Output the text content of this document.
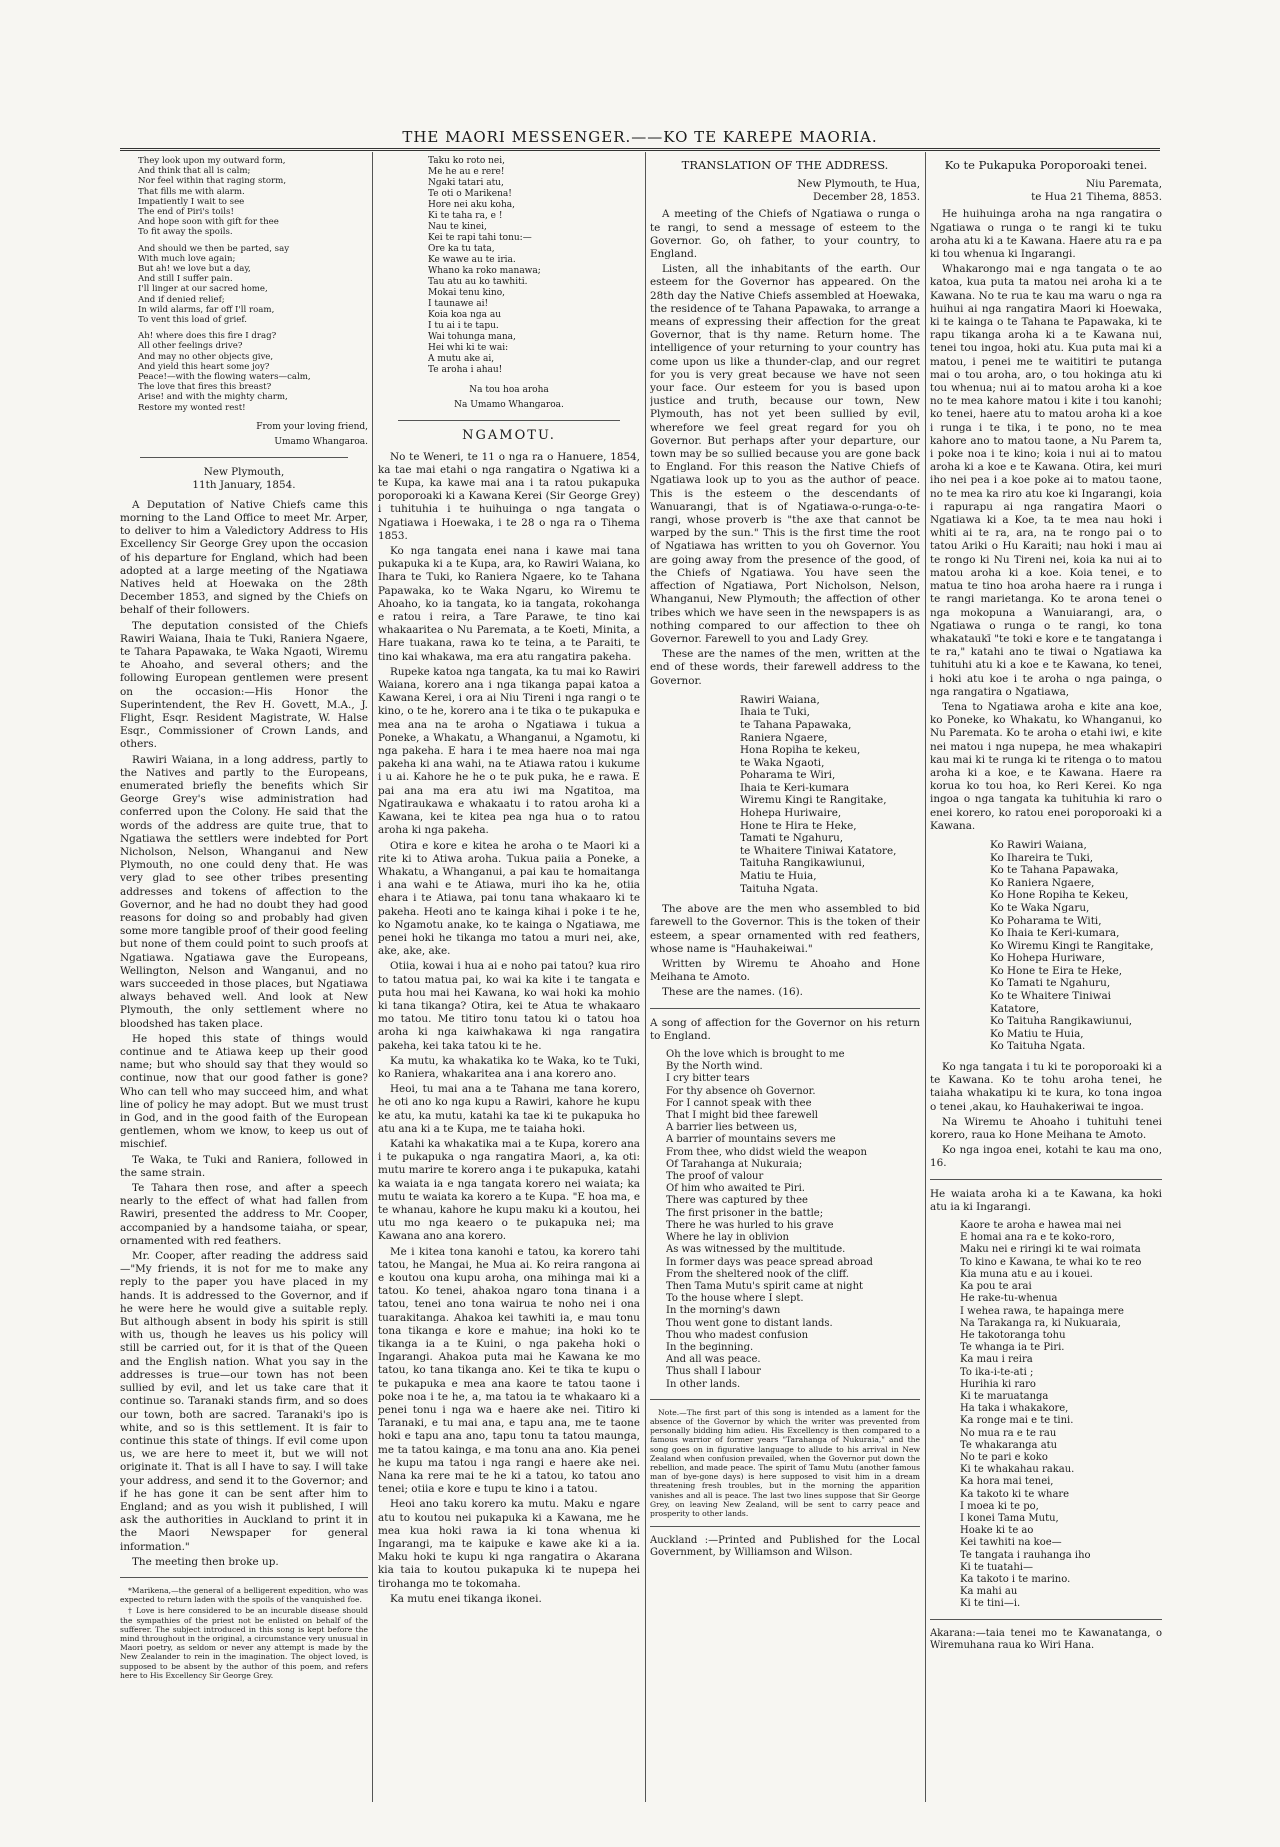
THE MAORI MESSENGER.——KO TE KAREPE MAORIA.
They look upon my outward form,
And think that all is calm;
Nor feel within that raging storm,
That fills me with alarm.
Impatiently I wait to see
The end of Piri's toils!
And hope soon with gift for thee
To fit away the spoils.
And should we then be parted, say
With much love again;
But ah! we love but a day,
And still I suffer pain.
I'll linger at our sacred home,
And if denied relief;
In wild alarms, far off I'll roam,
To vent this load of grief.
Ah! where does this fire I drag?
All other feelings drive?
And may no other objects give,
And yield this heart some joy?
Peace!—with the flowing waters—calm,
The love that fires this breast?
Arise! and with the mighty charm,
Restore my wonted rest!
From your loving friend,
Umamo Whangaroa.
New Plymouth,
11th January, 1854.

A Deputation of Native Chiefs came this morning to the Land Office to meet Mr. Arper, to deliver to him a Valedictory Address to His Excellency Sir George Grey upon the occasion of his departure for England, which had been adopted at a large meeting of the Ngatiawa Natives held at Hoewaka on the 28th December 1853, and signed by the Chiefs on behalf of their followers.

The deputation consisted of the Chiefs Rawiri Waiana, Ihaia te Tuki, Raniera Ngaere, te Tahara Papawaka, te Waka Ngaoti, Wiremu te Ahoaho, and several others; and the following European gentlemen were present on the occasion:—His Honor the Superintendent, the Rev H. Govett, M.A., J. Flight, Esqr. Resident Magistrate, W. Halse Esqr., Commissioner of Crown Lands, and others.

Rawiri Waiana, in a long address, partly to the Natives and partly to the Europeans, enumerated briefly the benefits which Sir George Grey's wise administration had conferred upon the Colony. He said that the words of the address are quite true, that to Ngatiawa the settlers were indebted for Port Nicholson, Nelson, Whanganui and New Plymouth, no one could deny that. He was very glad to see other tribes presenting addresses and tokens of affection to the Governor, and he had no doubt they had good reasons for doing so and probably had given some more tangible proof of their good feeling but none of them could point to such proofs at Ngatiawa. Ngatiawa gave the Europeans, Wellington, Nelson and Wanganui, and no wars succeeded in those places, but Ngatiawa always behaved well. And look at New Plymouth, the only settlement where no bloodshed has taken place.

He hoped this state of things would continue and te Atiawa keep up their good name; but who should say that they would so continue, now that our good father is gone? Who can tell who may succeed him, and what line of policy he may adopt. But we must trust in God, and in the good faith of the European gentlemen, whom we know, to keep us out of mischief.

Te Waka, te Tuki and Raniera, followed in the same strain.

Te Tahara then rose, and after a speech nearly to the effect of what had fallen from Rawiri, presented the address to Mr. Cooper, accompanied by a handsome taiaha, or spear, ornamented with red feathers.

Mr. Cooper, after reading the address said—"My friends, it is not for me to make any reply to the paper you have placed in my hands. It is addressed to the Governor, and if he were here he would give a suitable reply. But although absent in body his spirit is still with us, though he leaves us his policy will still be carried out, for it is that of the Queen and the English nation. What you say in the addresses is true—our town has not been sullied by evil, and let us take care that it continue so. Taranaki stands firm, and so does our town, both are sacred. Taranaki's ipo is white, and so is this settlement. It is fair to continue this state of things. If evil come upon us, we are here to meet it, but we will not originate it. That is all I have to say. I will take your address, and send it to the Governor; and if he has gone it can be sent after him to England; and as you wish it published, I will ask the authorities in Auckland to print it in the Maori Newspaper for general information."

The meeting then broke up.

*Marikena,—the general of a belligerent expedition, who was expected to return laden with the spoils of the vanquished foe.

† Love is here considered to be an incurable disease should the sympathies of the priest not be enlisted on behalf of the sufferer. The subject introduced in this song is kept before the mind throughout in the original, a circumstance very unusual in Maori poetry, as seldom or never any attempt is made by the New Zealander to rein in the imagination. The object loved, is supposed to be absent by the author of this poem, and refers here to His Excellency Sir George Grey.

Taku ko roto nei,
Me he au e rere!
Ngaki tatari atu,
Te oti o Marikena!
Hore nei aku koha,
Ki te taha ra, e !
Nau te kinei,
Kei te rapi tahi tonu:—
Ore ka tu tata,
Ke wawe au te iria.
Whano ka roko manawa;
Tau atu au ko tawhiti.
Mokai tenu kino,
I taunawe ai!
Koia koa nga au
I tu ai i te tapu.
Wai tohunga mana,
Hei whi ki te wai:
A mutu ake ai,
Te aroha i ahau!
Na tou hoa aroha
Na Umamo Whangaroa.
NGAMOTU.

No te Weneri, te 11 o nga ra o Hanuere, 1854, ka tae mai etahi o nga rangatira o Ngatiwa ki a te Kupa, ka kawe mai ana i ta ratou pukapuka poroporoaki ki a Kawana Kerei (Sir George Grey) i tuhituhia i te huihuinga o nga tangata o Ngatiawa i Hoewaka, i te 28 o nga ra o Tihema 1853.

Ko nga tangata enei nana i kawe mai tana pukapuka ki a te Kupa, ara, ko Rawiri Waiana, ko Ihara te Tuki, ko Raniera Ngaere, ko te Tahana Papawaka, ko te Waka Ngaru, ko Wiremu te Ahoaho, ko ia tangata, ko ia tangata, rokohanga e ratou i reira, a Tare Parawe, te tino kai whakaaritea o Nu Paremata, a te Koeti, Minita, a Hare tuakana, rawa ko te teina, a te Paraiti, te tino kai whakawa, ma era atu rangatira pakeha.

Rupeke katoa nga tangata, ka tu mai ko Rawiri Waiana, korero ana i nga tikanga papai katoa a Kawana Kerei, i ora ai Niu Tireni i nga rangi o te kino, o te he, korero ana i te tika o te pukapuka e mea ana na te aroha o Ngatiawa i tukua a Poneke, a Whakatu, a Whanganui, a Ngamotu, ki nga pakeha. E hara i te mea haere noa mai nga pakeha ki ana wahi, na te Atiawa ratou i kukume i u ai. Kahore he he o te puk puka, he e rawa. E pai ana ma era atu iwi ma Ngatitoa, ma Ngatiraukawa e whakaatu i to ratou aroha ki a Kawana, kei te kitea pea nga hua o to ratou aroha ki nga pakeha.

Otira e kore e kitea he aroha o te Maori ki a rite ki to Atiwa aroha. Tukua paiia a Poneke, a Whakatu, a Whanganui, a pai kau te homaitanga i ana wahi e te Atiawa, muri iho ka he, otiia ehara i te Atiawa, pai tonu tana whakaaro ki te pakeha. Heoti ano te kainga kihai i poke i te he, ko Ngamotu anake, ko te kainga o Ngatiawa, me penei hoki he tikanga mo tatou a muri nei, ake, ake, ake, ake.

Otiia, kowai i hua ai e noho pai tatou? kua riro to tatou matua pai, ko wai ka kite i te tangata e puta hou mai hei Kawana, ko wai hoki ka mohio ki tana tikanga? Otira, kei te Atua te whakaaro mo tatou. Me titiro tonu tatou ki o tatou hoa aroha ki nga kaiwhakawa ki nga rangatira pakeha, kei taka tatou ki te he.

Ka mutu, ka whakatika ko te Waka, ko te Tuki, ko Raniera, whakaritea ana i ana korero ano.

Heoi, tu mai ana a te Tahana me tana korero, he oti ano ko nga kupu a Rawiri, kahore he kupu ke atu, ka mutu, katahi ka tae ki te pukapuka ho atu ana ki a te Kupa, me te taiaha hoki.

Katahi ka whakatika mai a te Kupa, korero ana i te pukapuka o nga rangatira Maori, a, ka oti: mutu marire te korero anga i te pukapuka, katahi ka waiata ia e nga tangata korero nei waiata; ka mutu te waiata ka korero a te Kupa. "E hoa ma, e te whanau, kahore he kupu maku ki a koutou, hei utu mo nga keaero o te pukapuka nei; ma Kawana ano ana korero.

Me i kitea tona kanohi e tatou, ka korero tahi tatou, he Mangai, he Mua ai. Ko reira rangona ai e koutou ona kupu aroha, ona mihinga mai ki a tatou. Ko tenei, ahakoa ngaro tona tinana i a tatou, tenei ano tona wairua te noho nei i ona tuarakitanga. Ahakoa kei tawhiti ia, e mau tonu tona tikanga e kore e mahue; ina hoki ko te tikanga ia a te Kuini, o nga pakeha hoki o Ingarangi. Ahakoa puta mai he Kawana ke mo tatou, ko tana tikanga ano. Kei te tika te kupu o te pukapuka e mea ana kaore te tatou taone i poke noa i te he, a, ma tatou ia te whakaaro ki a penei tonu i nga wa e haere ake nei. Titiro ki Taranaki, e tu mai ana, e tapu ana, me te taone hoki e tapu ana ano, tapu tonu ta tatou maunga, me ta tatou kainga, e ma tonu ana ano. Kia penei he kupu ma tatou i nga rangi e haere ake nei. Nana ka rere mai te he ki a tatou, ko tatou ano tenei; otiia e kore e tupu te kino i a tatou.

Heoi ano taku korero ka mutu. Maku e ngare atu to koutou nei pukapuka ki a Kawana, me he mea kua hoki rawa ia ki tona whenua ki Ingarangi, ma te kaipuke e kawe ake ki a ia. Maku hoki te kupu ki nga rangatira o Akarana kia taia to koutou pukapuka ki te nupepa hei tirohanga mo te tokomaha.

Ka mutu enei tikanga ikonei.

TRANSLATION OF THE ADDRESS.
New Plymouth, te Hua,
December 28, 1853.

A meeting of the Chiefs of Ngatiawa o runga o te rangi, to send a message of esteem to the Governor. Go, oh father, to your country, to England.

Listen, all the inhabitants of the earth. Our esteem for the Governor has appeared. On the 28th day the Native Chiefs assembled at Hoewaka, the residence of te Tahana Papawaka, to arrange a means of expressing their affection for the great Governor, that is thy name. Return home. The intelligence of your returning to your country has come upon us like a thunder-clap, and our regret for you is very great because we have not seen your face. Our esteem for you is based upon justice and truth, because our town, New Plymouth, has not yet been sullied by evil, wherefore we feel great regard for you oh Governor. But perhaps after your departure, our town may be so sullied because you are gone back to England. For this reason the Native Chiefs of Ngatiawa look up to you as the author of peace. This is the esteem o the descendants of Wanuarangi, that is of Ngatiawa-o-runga-o-te-rangi, whose proverb is "the axe that cannot be warped by the sun." This is the first time the root of Ngatiawa has written to you oh Governor. You are going away from the presence of the good, of the Chiefs of Ngatiawa. You have seen the affection of Ngatiawa, Port Nicholson, Nelson, Whanganui, New Plymouth; the affection of other tribes which we have seen in the newspapers is as nothing compared to our affection to thee oh Governor. Farewell to you and Lady Grey.

These are the names of the men, written at the end of these words, their farewell address to the Governor.

Rawiri Waiana,
Ihaia te Tuki,
te Tahana Papawaka,
Raniera Ngaere,
Hona Ropiha te kekeu,
te Waka Ngaoti,
Poharama te Wiri,
Ihaia te Keri-kumara
Wiremu Kingi te Rangitake,
Hohepa Huriwaire,
Hone te Hira te Heke,
Tamati te Ngahuru,
te Whaitere Tiniwai Katatore,
Taituha Rangikawiunui,
Matiu te Huia,
Taituha Ngata.

The above are the men who assembled to bid farewell to the Governor. This is the token of their esteem, a spear ornamented with red feathers, whose name is "Hauhakeiwai."

Written by Wiremu te Ahoaho and Hone Meihana te Amoto.

These are the names. (16).

A song of affection for the Governor on his return to England.

Oh the love which is brought to me
By the North wind.
I cry bitter tears
For thy absence oh Governor.
For I cannot speak with thee
That I might bid thee farewell
A barrier lies between us,
A barrier of mountains severs me
From thee, who didst wield the weapon
Of Tarahanga at Nukuraia;
The proof of valour
Of him who awaited te Piri.
There was captured by thee
The first prisoner in the battle;
There he was hurled to his grave
Where he lay in oblivion
As was witnessed by the multitude.
In former days was peace spread abroad
From the sheltered nook of the cliff.
Then Tama Mutu's spirit came at night
To the house where I slept.
In the morning's dawn
Thou went gone to distant lands.
Thou who madest confusion
In the beginning.
And all was peace.
Thus shall I labour
In other lands.

Note.—The first part of this song is intended as a lament for the absence of the Governor by which the writer was prevented from personally bidding him adieu. His Excellency is then compared to a famous warrior of former years "Tarahanga of Nukuraia," and the song goes on in figurative language to allude to his arrival in New Zealand when confusion prevailed, when the Governor put down the rebellion, and made peace. The spirit of Tamu Mutu (another famous man of bye-gone days) is here supposed to visit him in a dream threatening fresh troubles, but in the morning the apparition vanishes and all is peace. The last two lines suppose that Sir George Grey, on leaving New Zealand, will be sent to carry peace and prosperity to other lands.

Auckland :—Printed and Published for the Local Government, by Williamson and Wilson.
Ko te Pukapuka Poroporoaki tenei.
Niu Paremata,
te Hua 21 Tihema, 8853.

He huihuinga aroha na nga rangatira o Ngatiawa o runga o te rangi ki te tuku aroha atu ki a te Kawana. Haere atu ra e pa ki tou whenua ki Ingarangi.

Whakarongo mai e nga tangata o te ao katoa, kua puta ta matou nei aroha ki a te Kawana. No te rua te kau ma waru o nga ra huihui ai nga rangatira Maori ki Hoewaka, ki te kainga o te Tahana te Papawaka, ki te rapu tikanga aroha ki a te Kawana nui, tenei tou ingoa, hoki atu. Kua puta mai ki a matou, i penei me te waititiri te putanga mai o tou aroha, aro, o tou hokinga atu ki tou whenua; nui ai to matou aroha ki a koe no te mea kahore matou i kite i tou kanohi; ko tenei, haere atu to matou aroha ki a koe i runga i te tika, i te pono, no te mea kahore ano to matou taone, a Nu Parem ta, i poke noa i te kino; koia i nui ai to matou aroha ki a koe e te Kawana. Otira, kei muri iho nei pea i a koe poke ai to matou taone, no te mea ka riro atu koe ki Ingarangi, koia i rapurapu ai nga rangatira Maori o Ngatiawa ki a Koe, ta te mea nau hoki i whiti ai te ra, ara, na te rongo pai o to tatou Ariki o Hu Karaiti; nau hoki i mau ai te rongo ki Nu Tireni nei, koia ka nui ai to matou aroha ki a koe. Koia tenei, e to matua te tino hoa aroha haere ra i runga i te rangi marietanga. Ko te arona tenei o nga mokopuna a Wanuiarangi, ara, o Ngatiawa o runga o te rangi, ko tona whakataukī "te toki e kore e te tangatanga i te ra," katahi ano te tiwai o Ngatiawa ka tuhituhi atu ki a koe e te Kawana, ko tenei, i hoki atu koe i te aroha o nga painga, o nga rangatira o Ngatiawa,

Tena to Ngatiawa aroha e kite ana koe, ko Poneke, ko Whakatu, ko Whanganui, ko Nu Paremata. Ko te aroha o etahi iwi, e kite nei matou i nga nupepa, he mea whakapiri kau mai ki te runga ki te ritenga o to matou aroha ki a koe, e te Kawana. Haere ra korua ko tou hoa, ko Reri Kerei. Ko nga ingoa o nga tangata ka tuhituhia ki raro o enei korero, ko ratou enei poroporoaki ki a Kawana.

Ko Rawiri Waiana,
Ko Ihareira te Tuki,
Ko te Tahana Papawaka,
Ko Raniera Ngaere,
Ko Hone Ropiha te Kekeu,
Ko te Waka Ngaru,
Ko Poharama te Witi,
Ko Ihaia te Keri-kumara,
Ko Wiremu Kingi te Rangitake,
Ko Hohepa Huriware,
Ko Hone te Eira te Heke,
Ko Tamati te Ngahuru,
Ko te Whaitere Tiniwai Katatore,
Ko Taituha Rangikawiunui,
Ko Matiu te Huia,
Ko Taituha Ngata.

Ko nga tangata i tu ki te poroporoaki ki a te Kawana. Ko te tohu aroha tenei, he taiaha whakatipu ki te kura, ko tona ingoa o tenei ,akau, ko Hauhakeriwai te ingoa.

Na Wiremu te Ahoaho i tuhituhi tenei korero, raua ko Hone Meihana te Amoto.

Ko nga ingoa enei, kotahi te kau ma ono, 16.

He waiata aroha ki a te Kawana, ka hoki atu ia ki Ingarangi.

Kaore te aroha e hawea mai nei
E homai ana ra e te koko-roro,
Maku nei e riringi ki te wai roimata
To kino e Kawana, te whai ko te reo
Kia muna atu e au i kouei.
Ka pou te arai
He rake-tu-whenua
I wehea rawa, te hapainga mere
Na Tarakanga ra, ki Nukuaraia,
He takotoranga tohu
Te whanga ia te Piri.
Ka mau i reira
To ika-i-te-ati ;
Hurihia ki raro
Ki te maruatanga
Ha taka i whakakore,
Ka ronge mai e te tini.
No mua ra e te rau
Te whakaranga atu
No te pari e koko
Ki te whakahau rakau.
Ka hora mai tenei,
Ka takoto ki te whare
I moea ki te po,
I konei Tama Mutu,
Hoake ki te ao
Kei tawhiti na koe—
Te tangata i rauhanga iho
Ki te tuatahi—
Ka takoto i te marino.
Ka mahi au
Ki te tini—i.
Akarana:—taia tenei mo te Kawanatanga, o Wiremuhana raua ko Wiri Hana.
